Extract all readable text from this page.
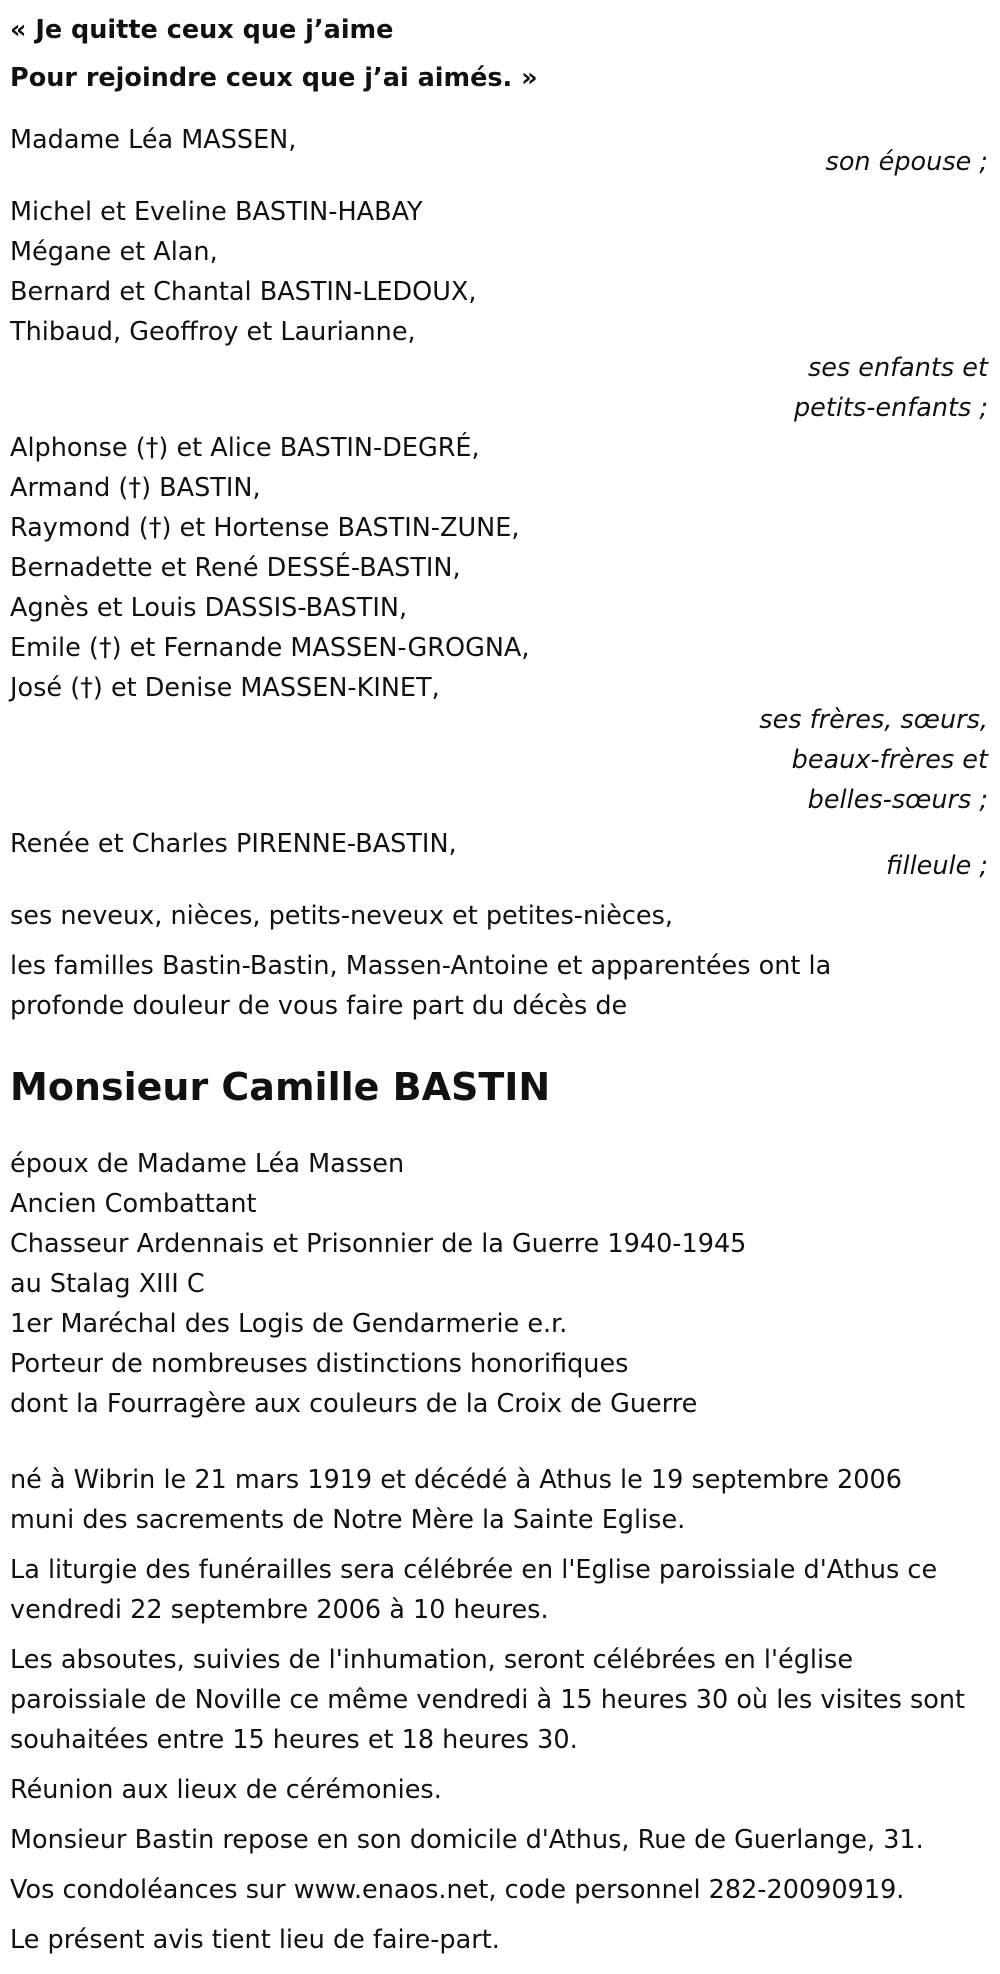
« Je quitte ceux que j’aime
Pour rejoindre ceux que j’ai aimés. »
Madame Léa MASSEN,
son épouse ;
Michel et Eveline BASTIN-HABAY
Mégane et Alan,
Bernard et Chantal BASTIN-LEDOUX,
Thibaud, Geoffroy et Laurianne,
ses enfants et
petits-enfants ;
Alphonse (†) et Alice BASTIN-DEGRÉ,
Armand (†) BASTIN,
Raymond (†) et Hortense BASTIN-ZUNE,
Bernadette et René DESSÉ-BASTIN,
Agnès et Louis DASSIS-BASTIN,
Emile (†) et Fernande MASSEN-GROGNA,
José (†) et Denise MASSEN-KINET,
ses frères, sœurs,
beaux-frères et
belles-sœurs ;
Renée et Charles PIRENNE-BASTIN,
filleule ;
ses neveux, nièces, petits-neveux et petites-nièces,
les familles Bastin-Bastin, Massen-Antoine et apparentées ont la
profonde douleur de vous faire part du décès de
Monsieur Camille BASTIN
époux de Madame Léa Massen
Ancien Combattant
Chasseur Ardennais et Prisonnier de la Guerre 1940-1945
au Stalag XIII C
1er Maréchal des Logis de Gendarmerie e.r.
Porteur de nombreuses distinctions honorifiques
dont la Fourragère aux couleurs de la Croix de Guerre
né à Wibrin le 21 mars 1919 et décédé à Athus le 19 septembre 2006
muni des sacrements de Notre Mère la Sainte Eglise.
La liturgie des funérailles sera célébrée en l'Eglise paroissiale d'Athus ce
vendredi 22 septembre 2006 à 10 heures.
Les absoutes, suivies de l'inhumation, seront célébrées en l'église
paroissiale de Noville ce même vendredi à 15 heures 30 où les visites sont
souhaitées entre 15 heures et 18 heures 30.
Réunion aux lieux de cérémonies.
Monsieur Bastin repose en son domicile d'Athus, Rue de Guerlange, 31.
Vos condoléances sur www.enaos.net, code personnel 282-20090919.
Le présent avis tient lieu de faire-part.
